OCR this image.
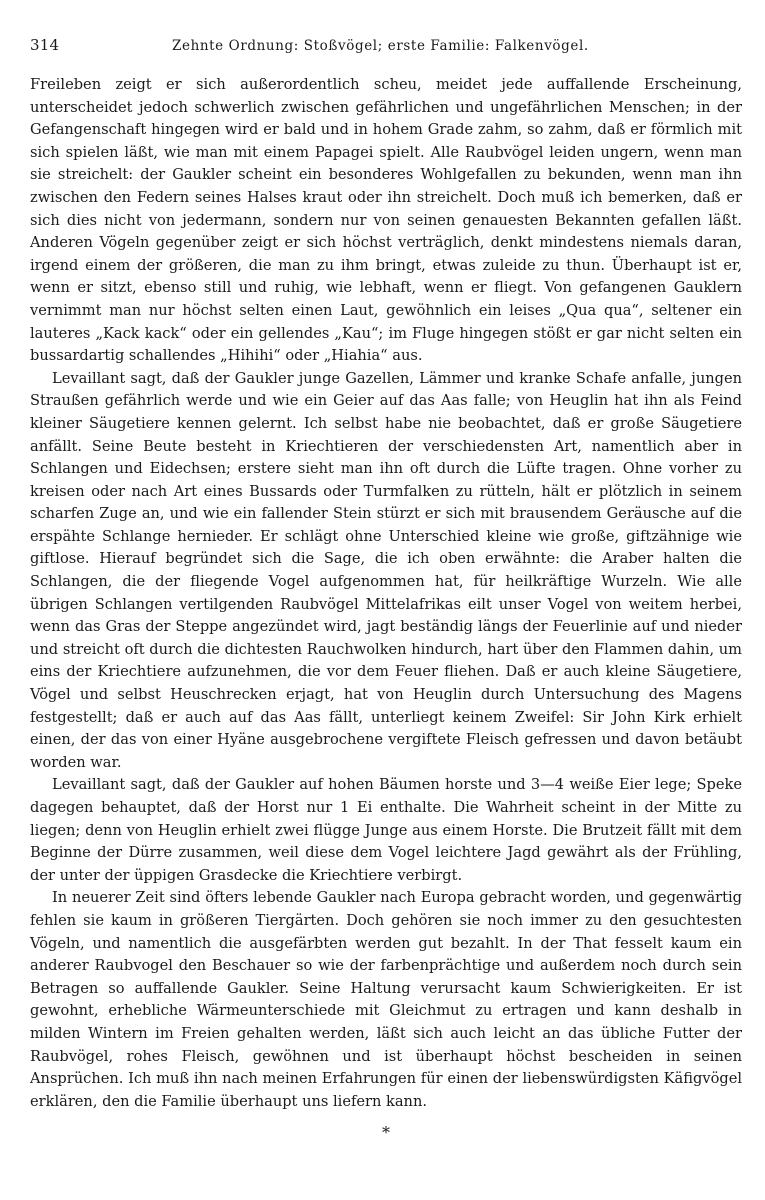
314	Zehnte Ordnung: Stoßvögel; erste Familie: Falkenvögel.

Freileben zeigt er sich außerordentlich scheu, meidet jede auffallende Erscheinung, unterscheidet jedoch schwerlich zwischen gefährlichen und ungefährlichen Menschen; in der Gefangenschaft hingegen wird er bald und in hohem Grade zahm, so zahm, daß er förmlich mit sich spielen läßt, wie man mit einem Papagei spielt. Alle Raubvögel leiden ungern, wenn man sie streichelt: der Gaukler scheint ein besonderes Wohlgefallen zu bekunden, wenn man ihn zwischen den Federn seines Halses kraut oder ihn streichelt. Doch muß ich bemerken, daß er sich dies nicht von jedermann, sondern nur von seinen genauesten Bekannten gefallen läßt. Anderen Vögeln gegenüber zeigt er sich höchst verträglich, denkt mindestens niemals daran, irgend einem der größeren, die man zu ihm bringt, etwas zuleide zu thun. Überhaupt ist er, wenn er sitzt, ebenso still und ruhig, wie lebhaft, wenn er fliegt. Von gefangenen Gauklern vernimmt man nur höchst selten einen Laut, gewöhnlich ein leises „Qua qua“, seltener ein lauteres „Kack kack“ oder ein gellendes „Kau“; im Fluge hingegen stößt er gar nicht selten ein bussardartig schallendes „Hihihi“ oder „Hiahia“ aus.

Levaillant sagt, daß der Gaukler junge Gazellen, Lämmer und kranke Schafe anfalle, jungen Straußen gefährlich werde und wie ein Geier auf das Aas falle; von Heuglin hat ihn als Feind kleiner Säugetiere kennen gelernt. Ich selbst habe nie beobachtet, daß er große Säugetiere anfällt. Seine Beute besteht in Kriechtieren der verschiedensten Art, namentlich aber in Schlangen und Eidechsen; erstere sieht man ihn oft durch die Lüfte tragen. Ohne vorher zu kreisen oder nach Art eines Bussards oder Turmfalken zu rütteln, hält er plötzlich in seinem scharfen Zuge an, und wie ein fallender Stein stürzt er sich mit brausendem Geräusche auf die erspähte Schlange hernieder. Er schlägt ohne Unterschied kleine wie große, giftzähnige wie giftlose. Hierauf begründet sich die Sage, die ich oben erwähnte: die Araber halten die Schlangen, die der fliegende Vogel aufgenommen hat, für heilkräftige Wurzeln. Wie alle übrigen Schlangen vertilgenden Raubvögel Mittelafrikas eilt unser Vogel von weitem herbei, wenn das Gras der Steppe angezündet wird, jagt beständig längs der Feuerlinie auf und nieder und streicht oft durch die dichtesten Rauchwolken hindurch, hart über den Flammen dahin, um eins der Kriechtiere aufzunehmen, die vor dem Feuer fliehen. Daß er auch kleine Säugetiere, Vögel und selbst Heuschrecken erjagt, hat von Heuglin durch Untersuchung des Magens festgestellt; daß er auch auf das Aas fällt, unterliegt keinem Zweifel: Sir John Kirk erhielt einen, der das von einer Hyäne ausgebrochene vergiftete Fleisch gefressen und davon betäubt worden war.

Levaillant sagt, daß der Gaukler auf hohen Bäumen horste und 3—4 weiße Eier lege; Speke dagegen behauptet, daß der Horst nur 1 Ei enthalte. Die Wahrheit scheint in der Mitte zu liegen; denn von Heuglin erhielt zwei flügge Junge aus einem Horste. Die Brutzeit fällt mit dem Beginne der Dürre zusammen, weil diese dem Vogel leichtere Jagd gewährt als der Frühling, der unter der üppigen Grasdecke die Kriechtiere verbirgt.

In neuerer Zeit sind öfters lebende Gaukler nach Europa gebracht worden, und gegenwärtig fehlen sie kaum in größeren Tiergärten. Doch gehören sie noch immer zu den gesuchtesten Vögeln, und namentlich die ausgefärbten werden gut bezahlt. In der That fesselt kaum ein anderer Raubvogel den Beschauer so wie der farbenprächtige und außerdem noch durch sein Betragen so auffallende Gaukler. Seine Haltung verursacht kaum Schwierigkeiten. Er ist gewohnt, erhebliche Wärmeunterschiede mit Gleichmut zu ertragen und kann deshalb in milden Wintern im Freien gehalten werden, läßt sich auch leicht an das übliche Futter der Raubvögel, rohes Fleisch, gewöhnen und ist überhaupt höchst bescheiden in seinen Ansprüchen. Ich muß ihn nach meinen Erfahrungen für einen der liebenswürdigsten Käfigvögel erklären, den die Familie überhaupt uns liefern kann.

*
